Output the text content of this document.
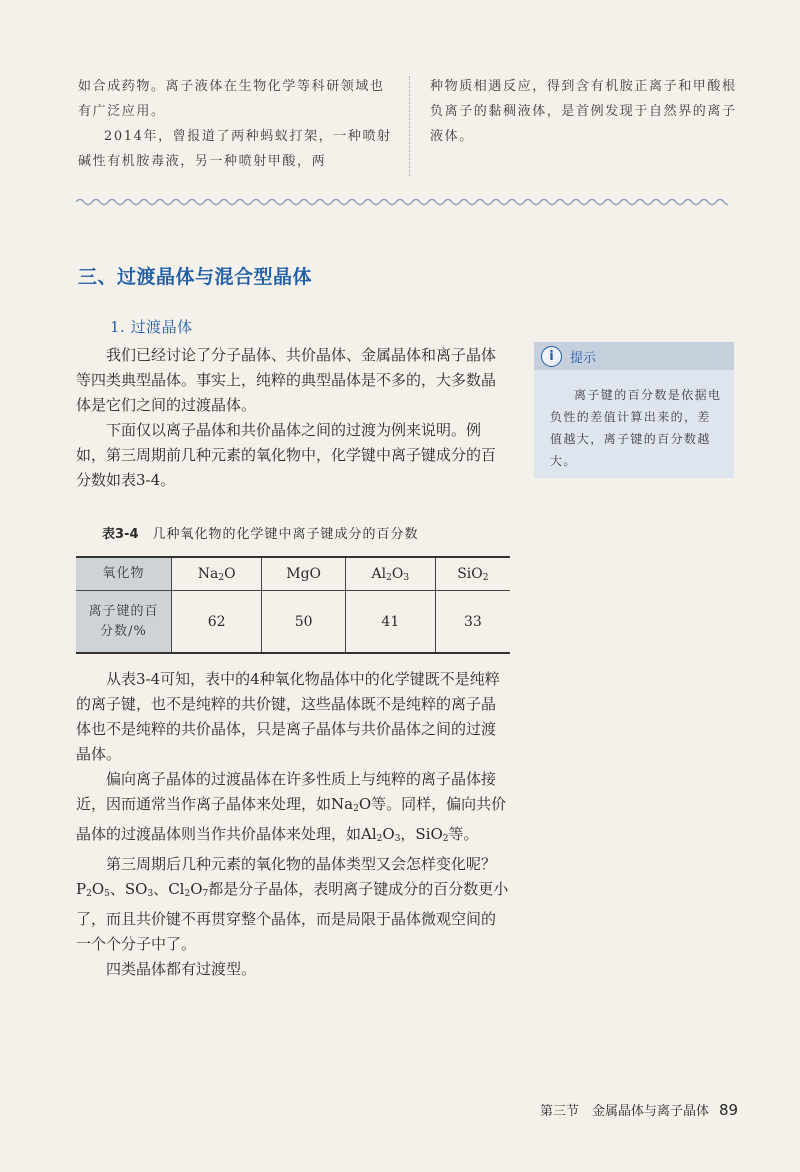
如合成药物。离子液体在生物化学等科研领域也有广泛应用。

2014年，曾报道了两种蚂蚁打架，一种喷射碱性有机胺毒液，另一种喷射甲酸，两

种物质相遇反应，得到含有机胺正离子和甲酸根负离子的黏稠液体，是首例发现于自然界的离子液体。

三、过渡晶体与混合型晶体
1. 过渡晶体

我们已经讨论了分子晶体、共价晶体、金属晶体和离子晶体等四类典型晶体。事实上，纯粹的典型晶体是不多的，大多数晶体是它们之间的过渡晶体。

下面仅以离子晶体和共价晶体之间的过渡为例来说明。例如，第三周期前几种元素的氧化物中，化学键中离子键成分的百分数如表3-4。

i	提示
离子键的百分数是依据电负性的差值计算出来的，差值越大，离子键的百分数越大。
表3-4 几种氧化物的化学键中离子键成分的百分数
氧化物	$Na_2O$	MgO	$Al_2O_3$	SiO$_2$
离子键的百分数/%	62	50	41	33

从表3-4可知，表中的4种氧化物晶体中的化学键既不是纯粹的离子键，也不是纯粹的共价键，这些晶体既不是纯粹的离子晶体也不是纯粹的共价晶体，只是离子晶体与共价晶体之间的过渡晶体。

偏向离子晶体的过渡晶体在许多性质上与纯粹的离子晶体接近，因而通常当作离子晶体来处理，如$Na_2O$等。同样，偏向共价晶体的过渡晶体则当作共价晶体来处理，如$Al_2O_3$，SiO$_2$等。

第三周期后几种元素的氧化物的晶体类型又会怎样变化呢？$P_2O_5$、$SO_3$、$Cl_2O_7$都是分子晶体，表明离子键成分的百分数更小了，而且共价键不再贯穿整个晶体，而是局限于晶体微观空间的一个个分子中了。

四类晶体都有过渡型。

第三节　金属晶体与离子晶体 89
